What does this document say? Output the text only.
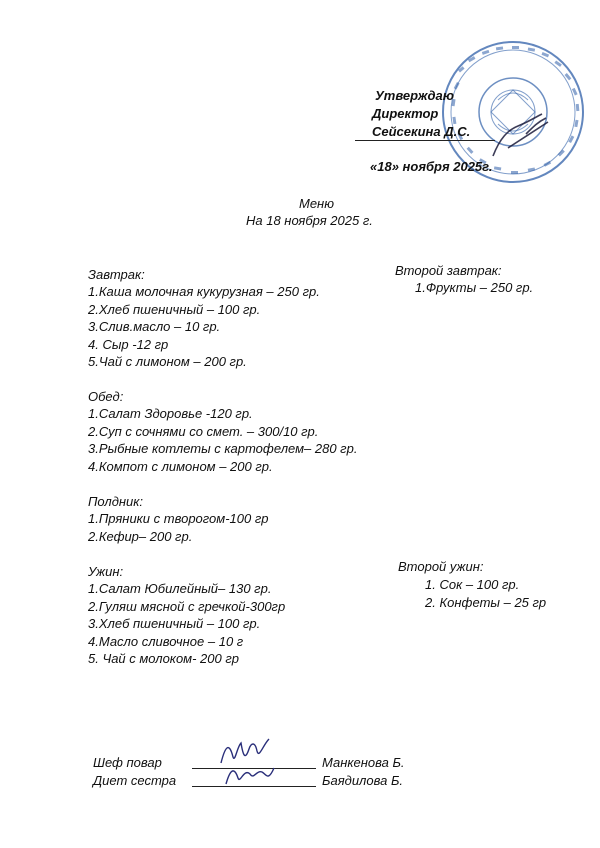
Утверждаю
Директор
Сейсекина Д.С.
«18» ноября 2025г.
Меню
На 18 ноября 2025 г.
Завтрак:
1.Каша молочная кукурузная – 250 гр.
2.Хлеб пшеничный – 100 гр.
3.Слив.масло – 10 гр.
4. Сыр -12 гр
5.Чай с лимоном – 200 гр.
Второй завтрак:
1.Фрукты – 250 гр.
Обед:
1.Салат Здоровье -120 гр.
2.Суп с сочнями со смет. – 300/10 гр.
3.Рыбные котлеты с картофелем– 280 гр.
4.Компот с лимоном – 200 гр.
Полдник:
1.Пряники с творогом-100 гр
2.Кефир– 200 гр.
Ужин:
1.Салат Юбилейный– 130 гр.
2.Гуляш мясной с гречкой-300гр
3.Хлеб пшеничный – 100 гр.
4.Масло сливочное – 10 г
5. Чай с молоком- 200 гр
Второй ужин:
1. Сок – 100 гр.
2. Конфеты – 25 гр
Шеф повар	Манкенова Б.
Диет сестра	Баядилова Б.
